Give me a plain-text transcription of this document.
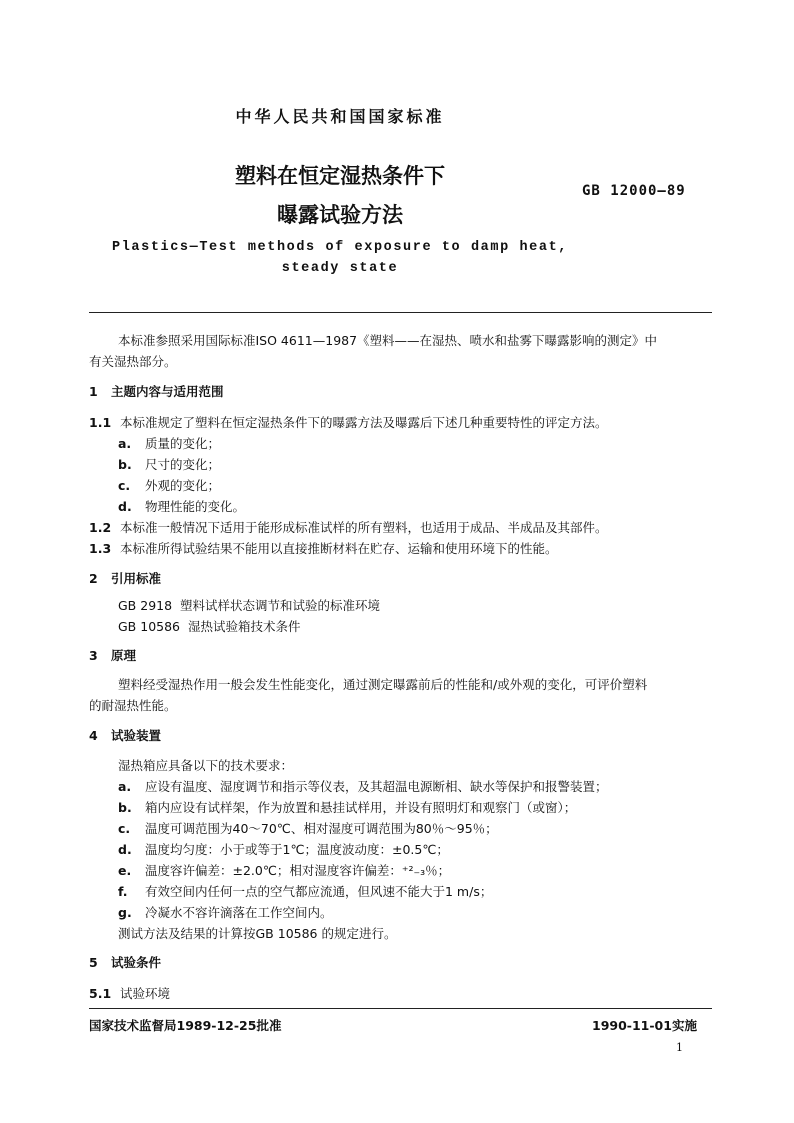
中华人民共和国国家标准
塑料在恒定湿热条件下
曝露试验方法
GB 12000—89
Plastics—Test methods of exposure to damp heat,
steady state
本标准参照采用国际标准ISO 4611—1987《塑料——在湿热、喷水和盐雾下曝露影响的测定》中
有关湿热部分。
1 主题内容与适用范围
1.1 本标准规定了塑料在恒定湿热条件下的曝露方法及曝露后下述几种重要特性的评定方法。
a. 质量的变化；
b. 尺寸的变化；
c. 外观的变化；
d. 物理性能的变化。
1.2 本标准一般情况下适用于能形成标准试样的所有塑料，也适用于成品、半成品及其部件。
1.3 本标准所得试验结果不能用以直接推断材料在贮存、运输和使用环境下的性能。
2 引用标准
GB 2918  塑料试样状态调节和试验的标准环境
GB 10586  湿热试验箱技术条件
3 原理
塑料经受湿热作用一般会发生性能变化，通过测定曝露前后的性能和/或外观的变化，可评价塑料
的耐湿热性能。
4 试验装置
湿热箱应具备以下的技术要求：
a. 应设有温度、湿度调节和指示等仪表，及其超温电源断相、缺水等保护和报警装置；
b. 箱内应设有试样架，作为放置和悬挂试样用，并设有照明灯和观察门（或窗）；
c. 温度可调范围为40～70℃、相对湿度可调范围为80％～95％；
d. 温度均匀度：小于或等于1℃；温度波动度：±0.5℃；
e. 温度容许偏差：±2.0℃；相对湿度容许偏差：⁺²₋₃％；
f. 有效空间内任何一点的空气都应流通，但风速不能大于1 m/s；
g. 冷凝水不容许滴落在工作空间内。
测试方法及结果的计算按GB 10586 的规定进行。
5 试验条件
5.1 试验环境
国家技术监督局1989-12-25批准	1990-11-01实施
1
